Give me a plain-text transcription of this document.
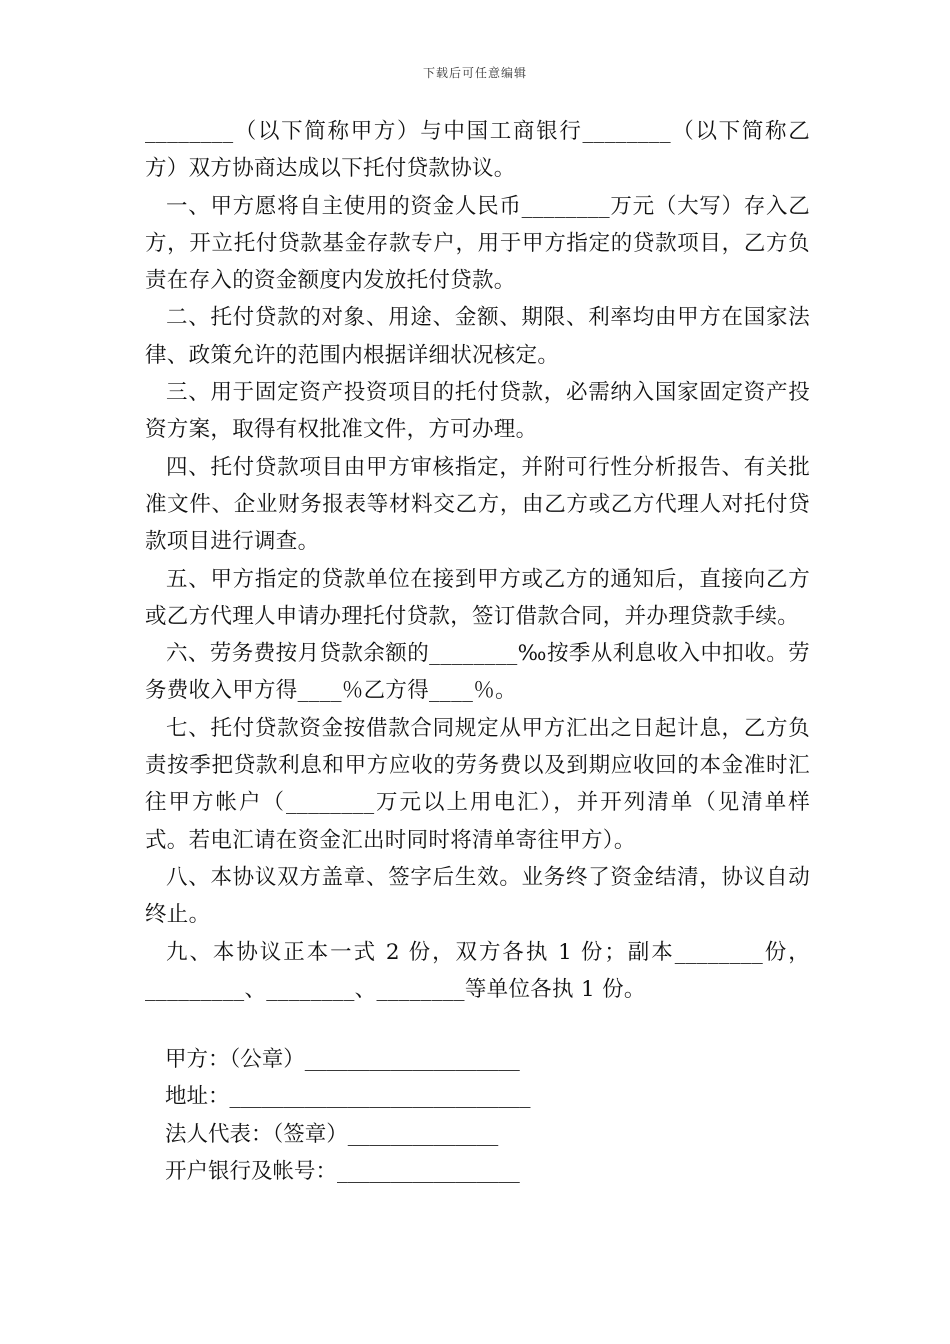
下载后可任意编辑

________（以下简称甲方）与中国工商银行________（以下简称乙方）双方协商达成以下托付贷款协议。

一、甲方愿将自主使用的资金人民币________万元（大写）存入乙方，开立托付贷款基金存款专户，用于甲方指定的贷款项目，乙方负责在存入的资金额度内发放托付贷款。

二、托付贷款的对象、用途、金额、期限、利率均由甲方在国家法律、政策允许的范围内根据详细状况核定。

三、用于固定资产投资项目的托付贷款，必需纳入国家固定资产投资方案，取得有权批准文件，方可办理。

四、托付贷款项目由甲方审核指定，并附可行性分析报告、有关批准文件、企业财务报表等材料交乙方，由乙方或乙方代理人对托付贷款项目进行调查。

五、甲方指定的贷款单位在接到甲方或乙方的通知后，直接向乙方或乙方代理人申请办理托付贷款，签订借款合同，并办理贷款手续。

六、劳务费按月贷款余额的________‰按季从利息收入中扣收。劳务费收入甲方得____％乙方得____％。

七、托付贷款资金按借款合同规定从甲方汇出之日起计息，乙方负责按季把贷款利息和甲方应收的劳务费以及到期应收回的本金准时汇往甲方帐户（________万元以上用电汇），并开列清单（见清单样式。若电汇请在资金汇出时同时将清单寄往甲方）。

八、本协议双方盖章、签字后生效。业务终了资金结清，协议自动终止。

九、本协议正本一式 2 份，双方各执 1 份；副本________份，_________、________、________等单位各执 1 份。

甲方：（公章）____________________

地址：____________________________

法人代表：（签章）______________

开户银行及帐号：_________________
